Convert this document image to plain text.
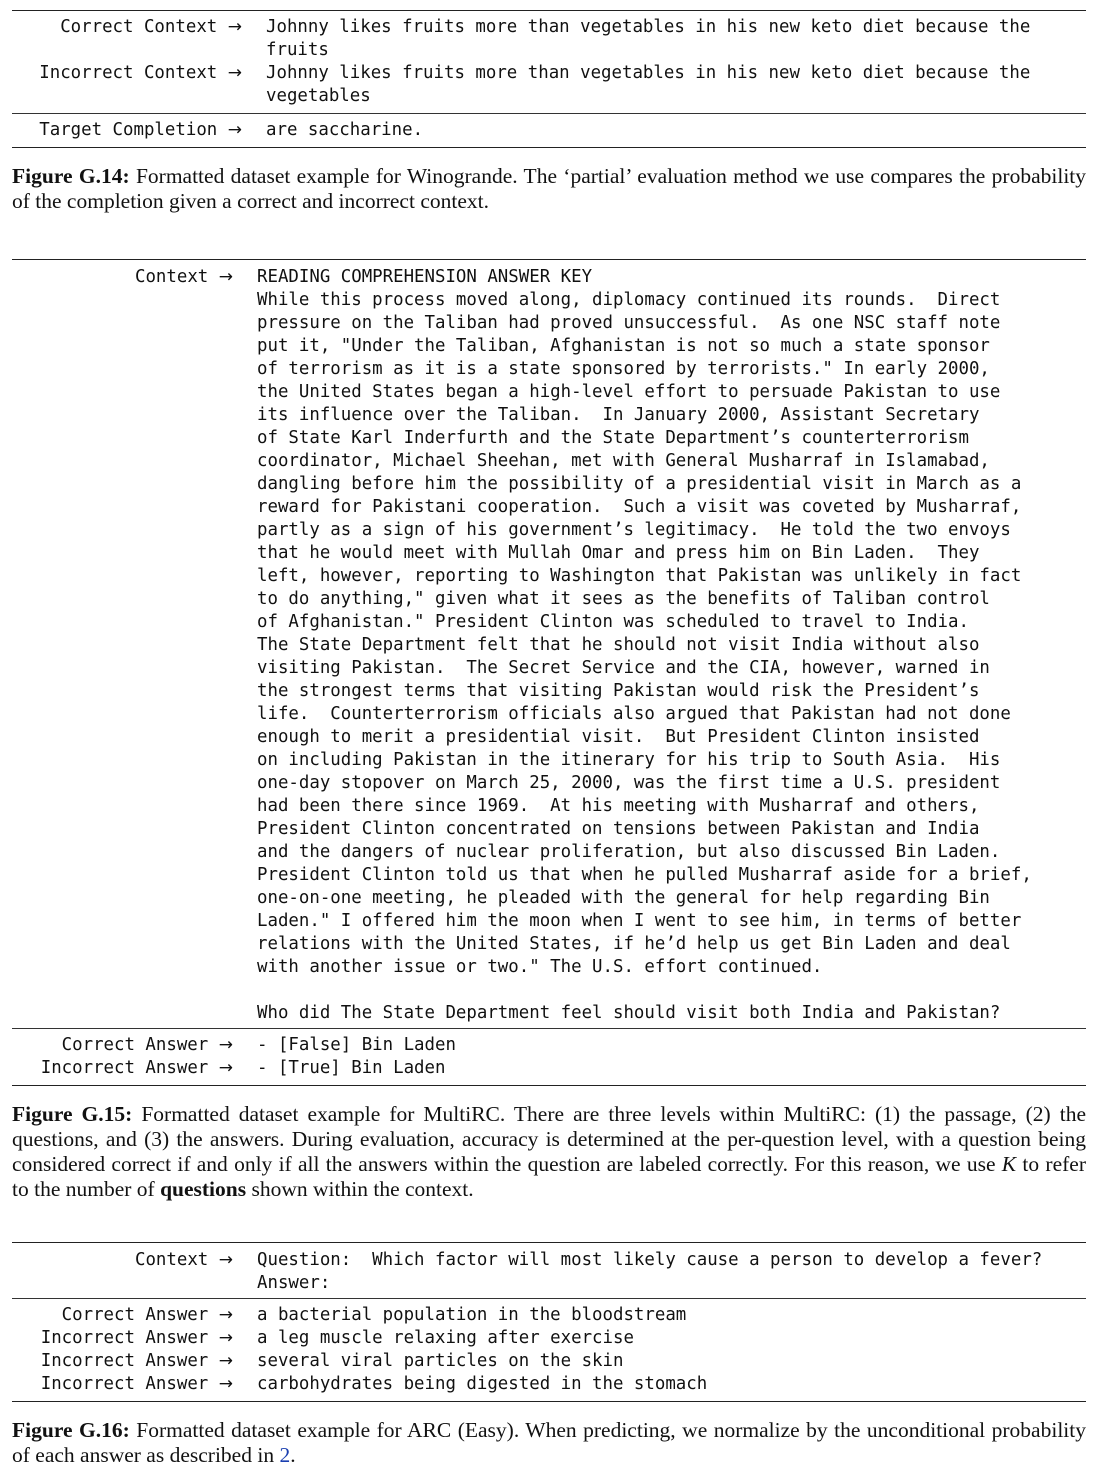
Correct Context →	Johnny likes fruits more than vegetables in his new keto diet because the
fruits
Incorrect Context →	Johnny likes fruits more than vegetables in his new keto diet because the
vegetables
Target Completion →	are saccharine.
Figure G.14: Formatted dataset example for Winogrande. The ‘partial’ evaluation method we use compares the probability of the completion given a correct and incorrect context.
Context →	READING COMPREHENSION ANSWER KEY
While this process moved along, diplomacy continued its rounds.  Direct
pressure on the Taliban had proved unsuccessful.  As one NSC staff note
put it, "Under the Taliban, Afghanistan is not so much a state sponsor
of terrorism as it is a state sponsored by terrorists." In early 2000,
the United States began a high-level effort to persuade Pakistan to use
its influence over the Taliban.  In January 2000, Assistant Secretary
of State Karl Inderfurth and the State Department’s counterterrorism
coordinator, Michael Sheehan, met with General Musharraf in Islamabad,
dangling before him the possibility of a presidential visit in March as a
reward for Pakistani cooperation.  Such a visit was coveted by Musharraf,
partly as a sign of his government’s legitimacy.  He told the two envoys
that he would meet with Mullah Omar and press him on Bin Laden.  They
left, however, reporting to Washington that Pakistan was unlikely in fact
to do anything," given what it sees as the benefits of Taliban control
of Afghanistan." President Clinton was scheduled to travel to India.
The State Department felt that he should not visit India without also
visiting Pakistan.  The Secret Service and the CIA, however, warned in
the strongest terms that visiting Pakistan would risk the President’s
life.  Counterterrorism officials also argued that Pakistan had not done
enough to merit a presidential visit.  But President Clinton insisted
on including Pakistan in the itinerary for his trip to South Asia.  His
one-day stopover on March 25, 2000, was the first time a U.S. president
had been there since 1969.  At his meeting with Musharraf and others,
President Clinton concentrated on tensions between Pakistan and India
and the dangers of nuclear proliferation, but also discussed Bin Laden.
President Clinton told us that when he pulled Musharraf aside for a brief,
one-on-one meeting, he pleaded with the general for help regarding Bin
Laden." I offered him the moon when I went to see him, in terms of better
relations with the United States, if he’d help us get Bin Laden and deal
with another issue or two." The U.S. effort continued.

Who did The State Department feel should visit both India and Pakistan?
Correct Answer →	- [False] Bin Laden
Incorrect Answer →	- [True] Bin Laden
Figure G.15: Formatted dataset example for MultiRC. There are three levels within MultiRC: (1) the passage, (2) the questions, and (3) the answers. During evaluation, accuracy is determined at the per-question level, with a question being considered correct if and only if all the answers within the question are labeled correctly. For this reason, we use K to refer to the number of questions shown within the context.
Context →	Question:  Which factor will most likely cause a person to develop a fever?
Answer:
Correct Answer →	a bacterial population in the bloodstream
Incorrect Answer →	a leg muscle relaxing after exercise
Incorrect Answer →	several viral particles on the skin
Incorrect Answer →	carbohydrates being digested in the stomach
Figure G.16: Formatted dataset example for ARC (Easy). When predicting, we normalize by the unconditional probability of each answer as described in 2.
